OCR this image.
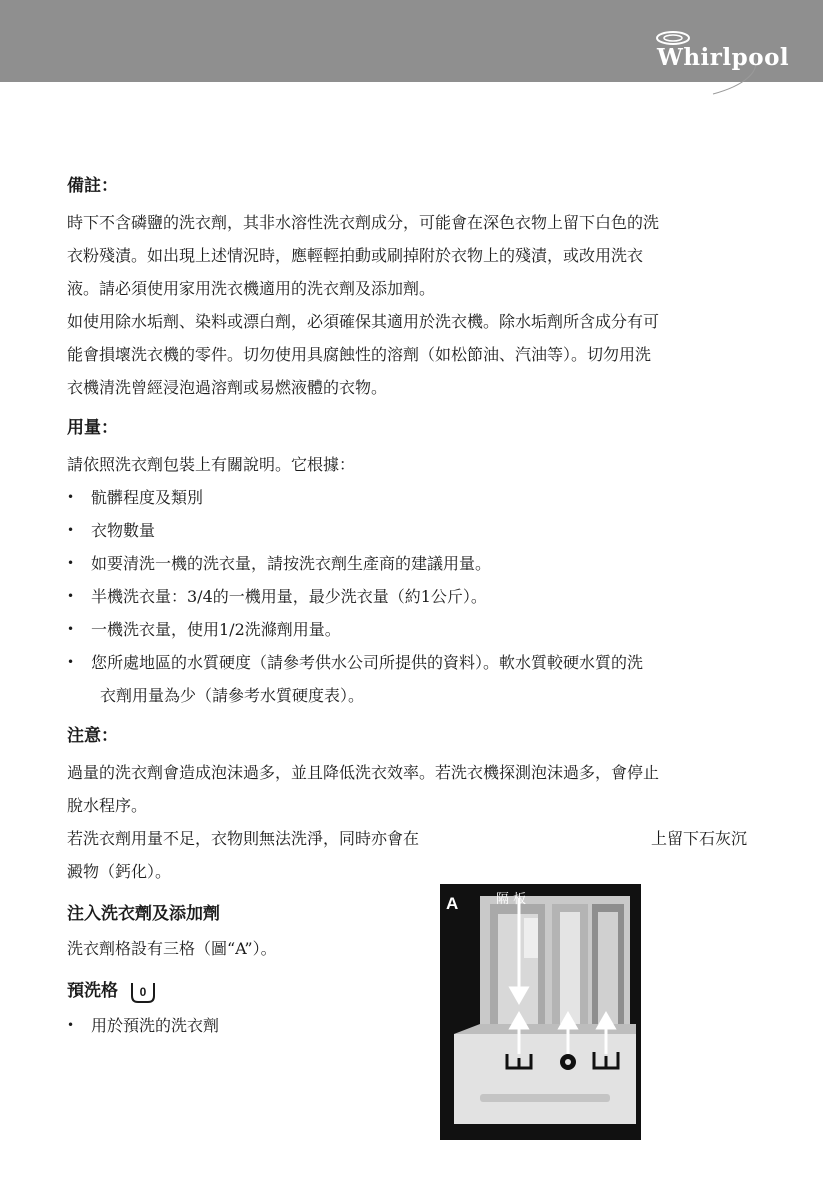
Whirlpool
備註：

時下不含磷鹽的洗衣劑，其非水溶性洗衣劑成分，可能會在深色衣物上留下白色的洗

衣粉殘漬。如出現上述情況時，應輕輕拍動或刷掉附於衣物上的殘漬，或改用洗衣

液。請必須使用家用洗衣機適用的洗衣劑及添加劑。

如使用除水垢劑、染料或漂白劑，必須確保其適用於洗衣機。除水垢劑所含成分有可

能會損壞洗衣機的零件。切勿使用具腐蝕性的溶劑（如松節油、汽油等）。切勿用洗

衣機清洗曾經浸泡過溶劑或易燃液體的衣物。

用量：

請依照洗衣劑包裝上有關說明。它根據：

• 骯髒程度及類別
• 衣物數量
• 如要清洗一機的洗衣量，請按洗衣劑生產商的建議用量。
• 半機洗衣量：3/4的一機用量，最少洗衣量（約1公斤）。
• 一機洗衣量，使用1/2洗滌劑用量。
• 您所處地區的水質硬度（請參考供水公司所提供的資料）。軟水質較硬水質的洗

衣劑用量為少（請參考水質硬度表）。

注意：

過量的洗衣劑會造成泡沫過多，並且降低洗衣效率。若洗衣機探測泡沫過多，會停止

脫水程序。

若洗衣劑用量不足，衣物則無法洗淨，同時亦會在	上留下石灰沉

澱物（鈣化）。

注入洗衣劑及添加劑

洗衣劑格設有三格（圖“A”）。

預洗格 0
• 用於預洗的洗衣劑
A	隔 板
